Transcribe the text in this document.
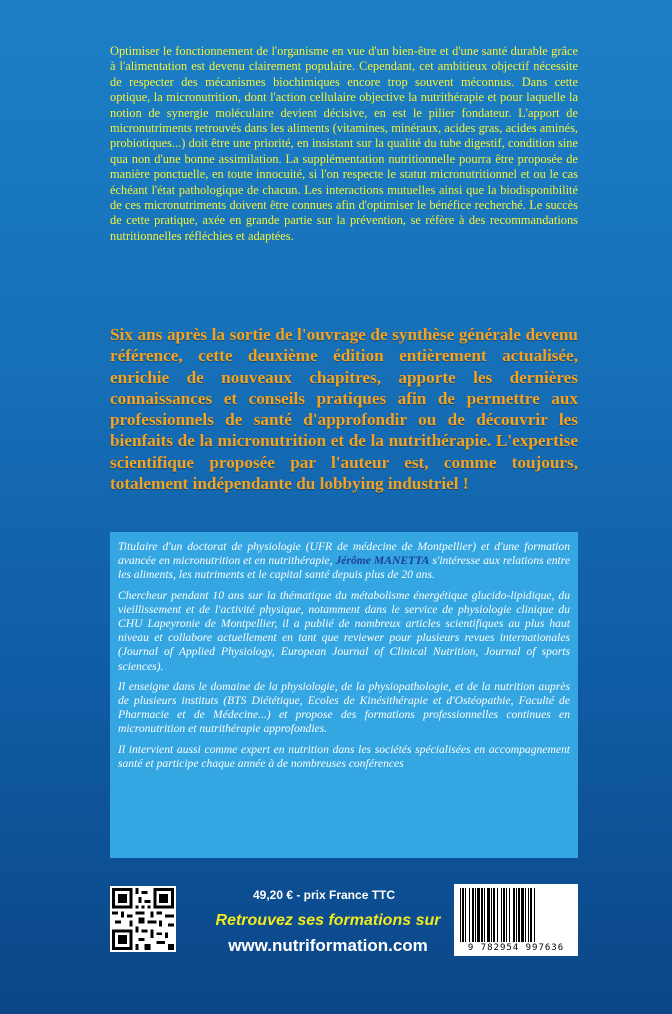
Optimiser le fonctionnement de l'organisme en vue d'un bien-être et d'une santé durable grâce à l'alimentation est devenu clairement populaire. Cependant, cet ambitieux objectif nécessite de respecter des mécanismes biochimiques encore trop souvent méconnus. Dans cette optique, la micronutrition, dont l'action cellulaire objective la nutrithérapie et pour laquelle la notion de synergie moléculaire devient décisive, en est le pilier fondateur. L'apport de micronutriments retrouvés dans les aliments (vitamines, minéraux, acides gras, acides aminés, probiotiques...) doit être une priorité, en insistant sur la qualité du tube digestif, condition sine qua non d'une bonne assimilation. La supplémentation nutritionnelle pourra être proposée de manière ponctuelle, en toute innocuité, si l'on respecte le statut micronutritionnel et ou le cas échéant l'état pathologique de chacun. Les interactions mutuelles ainsi que la biodisponibilité de ces micronutriments doivent être connues afin d'optimiser le bénéfice recherché. Le succès de cette pratique, axée en grande partie sur la prévention, se réfère à des recommandations nutritionnelles réfléchies et adaptées.

Six ans après la sortie de l'ouvrage de synthèse générale devenu référence, cette deuxième édition entièrement actualisée, enrichie de nouveaux chapitres, apporte les dernières connaissances et conseils pratiques afin de permettre aux professionnels de santé d'approfondir ou de découvrir les bienfaits de la micronutrition et de la nutrithérapie. L'expertise scientifique proposée par l'auteur est, comme toujours, totalement indépendante du lobbying industriel !

Titulaire d'un doctorat de physiologie (UFR de médecine de Montpellier) et d'une formation avancée en micronutrition et en nutrithérapie, Jérôme MANETTA s'intéresse aux relations entre les aliments, les nutriments et le capital santé depuis plus de 20 ans.

Chercheur pendant 10 ans sur la thématique du métabolisme énergétique glucido-lipidique, du vieillissement et de l'activité physique, notamment dans le service de physiologie clinique du CHU Lapeyronie de Montpellier, il a publié de nombreux articles scientifiques au plus haut niveau et collabore actuellement en tant que reviewer pour plusieurs revues internationales (Journal of Applied Physiology, European Journal of Clinical Nutrition, Journal of sports sciences).

Il enseigne dans le domaine de la physiologie, de la physiopathologie, et de la nutrition auprès de plusieurs instituts (BTS Diététique, Ecoles de Kinésithérapie et d'Ostéopathie, Faculté de Pharmacie et de Médecine...) et propose des formations professionnelles continues en micronutrition et nutrithérapie approfondies.

Il intervient aussi comme expert en nutrition dans les sociétés spécialisées en accompagnement santé et participe chaque année à de nombreuses conférences

49,20 € - prix France TTC
Retrouvez ses formations sur
www.nutriformation.com	9 782954 997636
